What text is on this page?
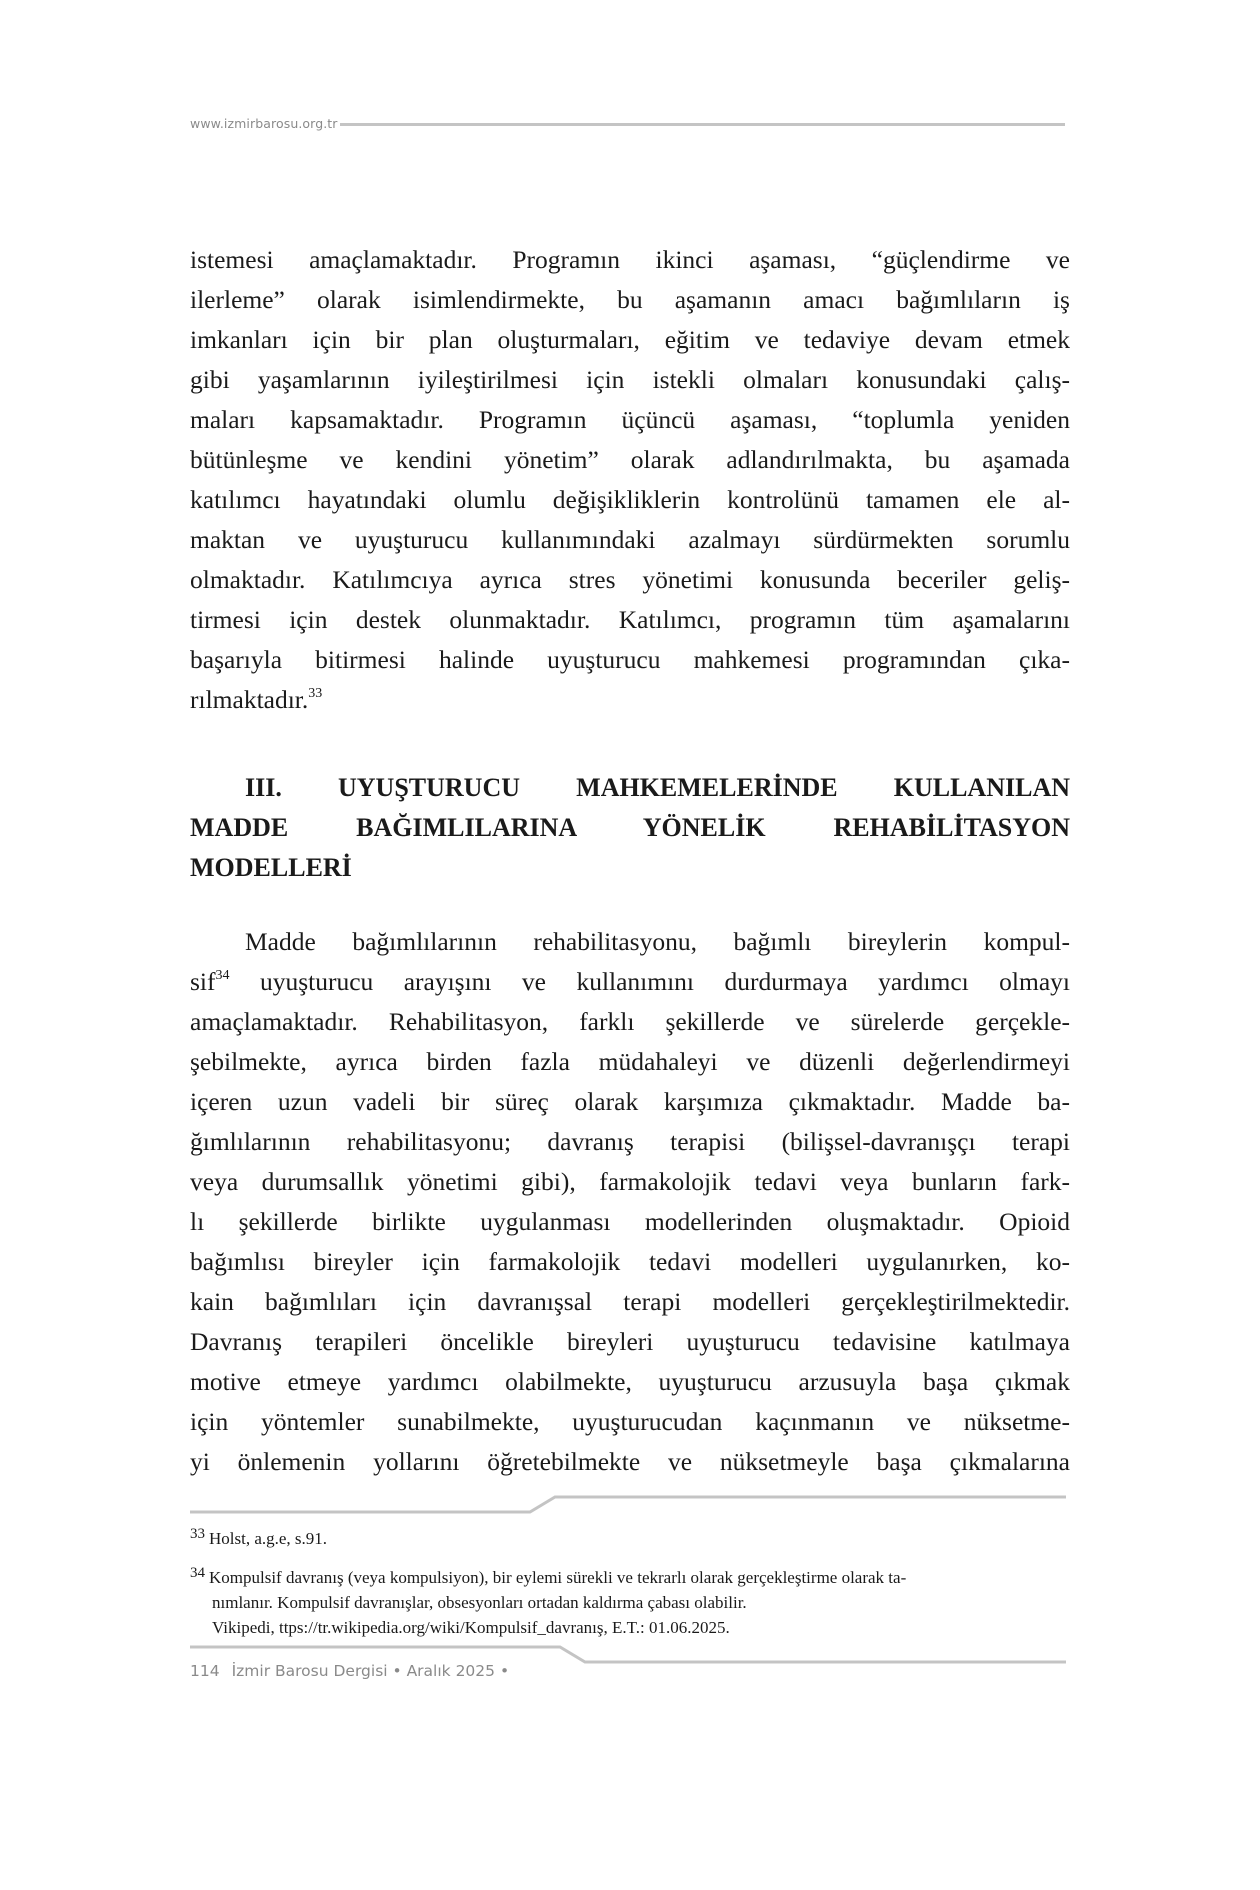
www.izmirbarosu.org.tr

istemesi amaçlamaktadır. Programın ikinci aşaması, “güçlendirme ve
ilerleme” olarak isimlendirmekte, bu aşamanın amacı bağımlıların iş
imkanları için bir plan oluşturmaları, eğitim ve tedaviye devam etmek
gibi yaşamlarının iyileştirilmesi için istekli olmaları konusundaki çalış-
maları kapsamaktadır. Programın üçüncü aşaması, “toplumla yeniden
bütünleşme ve kendini yönetim” olarak adlandırılmakta, bu aşamada
katılımcı hayatındaki olumlu değişikliklerin kontrolünü tamamen ele al-
maktan ve uyuşturucu kullanımındaki azalmayı sürdürmekten sorumlu
olmaktadır. Katılımcıya ayrıca stres yönetimi konusunda beceriler geliş-
tirmesi için destek olunmaktadır. Katılımcı, programın tüm aşamalarını
başarıyla bitirmesi halinde uyuşturucu mahkemesi programından çıka-
rılmaktadır.$^{33}$

III. UYUŞTURUCU MAHKEMELERİNDE KULLANILAN
MADDE BAĞIMLILARINA YÖNELİK REHABİLİTASYON
MODELLERİ

Madde bağımlılarının rehabilitasyonu, bağımlı bireylerin kompul-
sif$^{34}$ uyuşturucu arayışını ve kullanımını durdurmaya yardımcı olmayı
amaçlamaktadır. Rehabilitasyon, farklı şekillerde ve sürelerde gerçekle-
şebilmekte, ayrıca birden fazla müdahaleyi ve düzenli değerlendirmeyi
içeren uzun vadeli bir süreç olarak karşımıza çıkmaktadır. Madde ba-
ğımlılarının rehabilitasyonu; davranış terapisi (bilişsel-davranışçı terapi
veya durumsallık yönetimi gibi), farmakolojik tedavi veya bunların fark-
lı şekillerde birlikte uygulanması modellerinden oluşmaktadır. Opioid
bağımlısı bireyler için farmakolojik tedavi modelleri uygulanırken, ko-
kain bağımlıları için davranışsal terapi modelleri gerçekleştirilmektedir.
Davranış terapileri öncelikle bireyleri uyuşturucu tedavisine katılmaya
motive etmeye yardımcı olabilmekte, uyuşturucu arzusuyla başa çıkmak
için yöntemler sunabilmekte, uyuşturucudan kaçınmanın ve nüksetme-
yi önlemenin yollarını öğretebilmekte ve nüksetmeyle başa çıkmalarına

33 Holst, a.g.e, s.91.

34 Kompulsif davranış (veya kompulsiyon), bir eylemi sürekli ve tekrarlı olarak gerçekleştirme olarak ta-
nımlanır. Kompulsif davranışlar, obsesyonları ortadan kaldırma çabası olabilir.
Vikipedi, ttps://tr.wikipedia.org/wiki/Kompulsif_davranış, E.T.: 01.06.2025.

114 İzmir Barosu Dergisi • Aralık 2025 •
